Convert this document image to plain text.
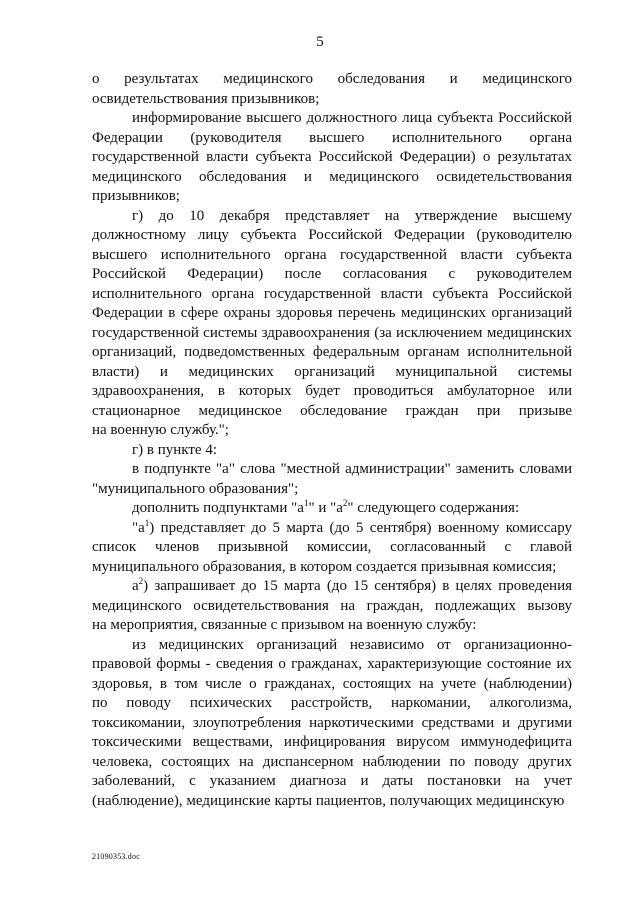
5

о результатах медицинского обследования и медицинского

освидетельствования призывников;

информирование высшего должностного лица субъекта Российской

Федерации (руководителя высшего исполнительного органа

государственной власти субъекта Российской Федерации) о результатах

медицинского обследования и медицинского освидетельствования

призывников;

г) до 10 декабря представляет на утверждение высшему

должностному лицу субъекта Российской Федерации (руководителю

высшего исполнительного органа государственной власти субъекта

Российской Федерации) после согласования с руководителем

исполнительного органа государственной власти субъекта Российской

Федерации в сфере охраны здоровья перечень медицинских организаций

государственной системы здравоохранения (за исключением медицинских

организаций, подведомственных федеральным органам исполнительной

власти) и медицинских организаций муниципальной системы

здравоохранения, в которых будет проводиться амбулаторное или

стационарное медицинское обследование граждан при призыве

на военную службу.";

г) в пункте 4:

в подпункте "а" слова "местной администрации" заменить словами

"муниципального образования";

дополнить подпунктами "$а^1$" и "$а^2$" следующего содержания:

"$а^1$) представляет до 5 марта (до 5 сентября) военному комиссару

список членов призывной комиссии, согласованный с главой

муниципального образования, в котором создается призывная комиссия;

$а^2$) запрашивает до 15 марта (до 15 сентября) в целях проведения

медицинского освидетельствования на граждан, подлежащих вызову

на мероприятия, связанные с призывом на военную службу:

из медицинских организаций независимо от организационно-

правовой формы - сведения о гражданах, характеризующие состояние их

здоровья, в том числе о гражданах, состоящих на учете (наблюдении)

по поводу психических расстройств, наркомании, алкоголизма,

токсикомании, злоупотребления наркотическими средствами и другими

токсическими веществами, инфицирования вирусом иммунодефицита

человека, состоящих на диспансерном наблюдении по поводу других

заболеваний, с указанием диагноза и даты постановки на учет

(наблюдение), медицинские карты пациентов, получающих медицинскую

21090353.doc
